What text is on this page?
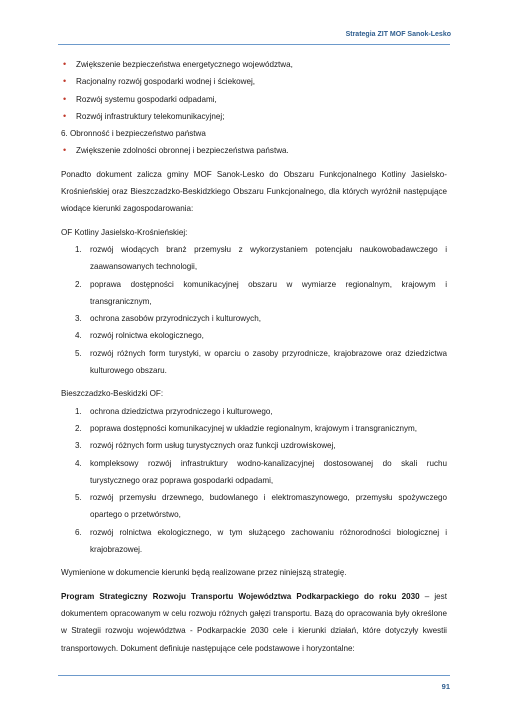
Strategia ZIT MOF Sanok-Lesko
• Zwiększenie bezpieczeństwa energetycznego województwa,
• Racjonalny rozwój gospodarki wodnej i ściekowej,
• Rozwój systemu gospodarki odpadami,
• Rozwój infrastruktury telekomunikacyjnej;
6. Obronność i bezpieczeństwo państwa
• Zwiększenie zdolności obronnej i bezpieczeństwa państwa.
Ponadto dokument zalicza gminy MOF Sanok-Lesko do Obszaru Funkcjonalnego Kotliny Jasielsko-Krośnieńskiej oraz Bieszczadzko-Beskidzkiego Obszaru Funkcjonalnego, dla których wyróżnił następujące wiodące kierunki zagospodarowania:
OF Kotliny Jasielsko-Krośnieńskiej:
1. rozwój wiodących branż przemysłu z wykorzystaniem potencjału naukowobadawczego i zaawansowanych technologii,
2. poprawa dostępności komunikacyjnej obszaru w wymiarze regionalnym, krajowym i transgranicznym,
3. ochrona zasobów przyrodniczych i kulturowych,
4. rozwój rolnictwa ekologicznego,
5. rozwój różnych form turystyki, w oparciu o zasoby przyrodnicze, krajobrazowe oraz dziedzictwa kulturowego obszaru.
Bieszczadzko-Beskidzki OF:
1. ochrona dziedzictwa przyrodniczego i kulturowego,
2. poprawa dostępności komunikacyjnej w układzie regionalnym, krajowym i transgranicznym,
3. rozwój różnych form usług turystycznych oraz funkcji uzdrowiskowej,
4. kompleksowy rozwój infrastruktury wodno-kanalizacyjnej dostosowanej do skali ruchu turystycznego oraz poprawa gospodarki odpadami,
5. rozwój przemysłu drzewnego, budowlanego i elektromaszynowego, przemysłu spożywczego opartego o przetwórstwo,
6. rozwój rolnictwa ekologicznego, w tym służącego zachowaniu różnorodności biologicznej i krajobrazowej.
Wymienione w dokumencie kierunki będą realizowane przez niniejszą strategię.
Program Strategiczny Rozwoju Transportu Województwa Podkarpackiego do roku 2030 – jest dokumentem opracowanym w celu rozwoju różnych gałęzi transportu. Bazą do opracowania były określone w Strategii rozwoju województwa - Podkarpackie 2030 cele i kierunki działań, które dotyczyły kwestii transportowych. Dokument definiuje następujące cele podstawowe i horyzontalne:
91
